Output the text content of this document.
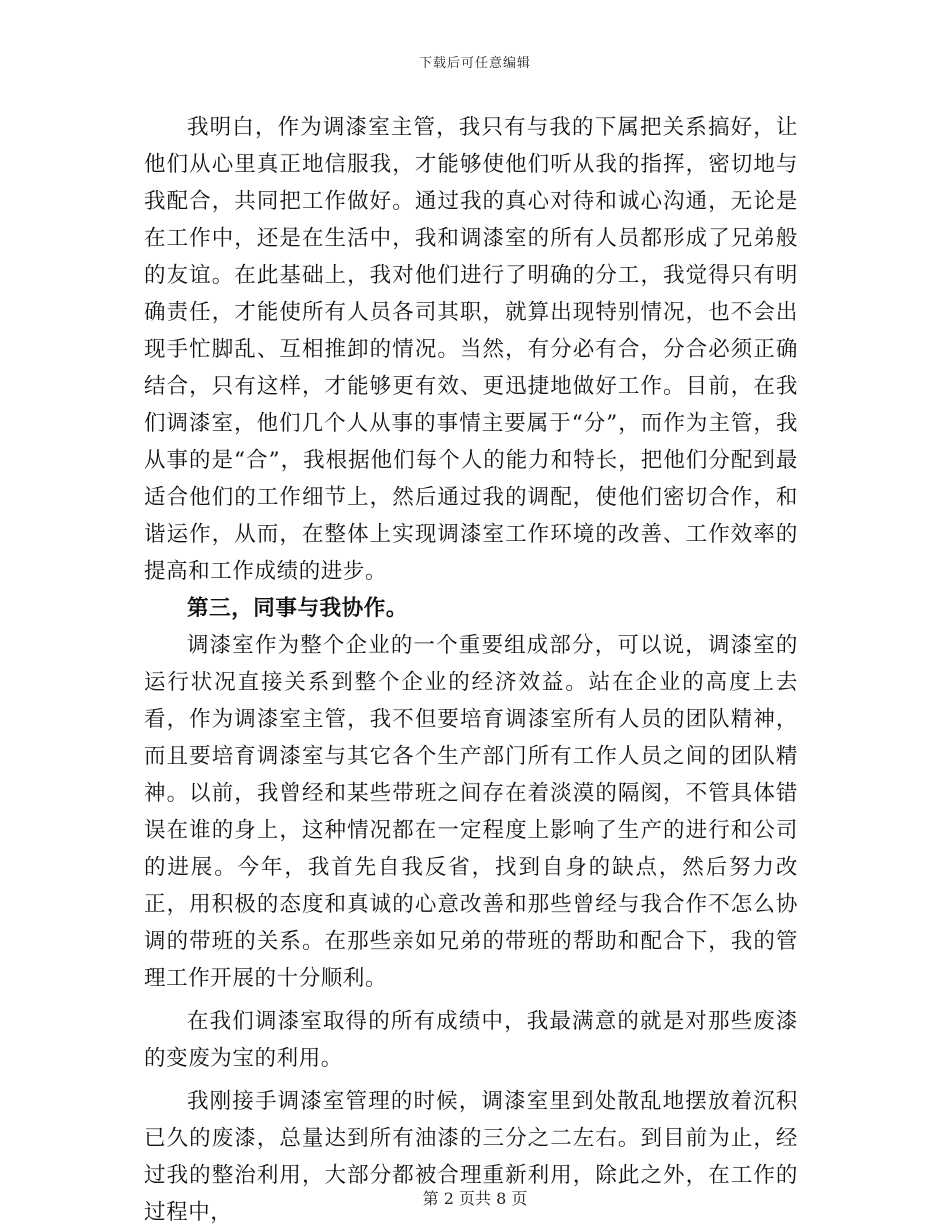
下载后可任意编辑

我明白，作为调漆室主管，我只有与我的下属把关系搞好，让他们从心里真正地信服我，才能够使他们听从我的指挥，密切地与我配合，共同把工作做好。通过我的真心对待和诚心沟通，无论是在工作中，还是在生活中，我和调漆室的所有人员都形成了兄弟般的友谊。在此基础上，我对他们进行了明确的分工，我觉得只有明确责任，才能使所有人员各司其职，就算出现特别情况，也不会出现手忙脚乱、互相推卸的情况。当然，有分必有合，分合必须正确结合，只有这样，才能够更有效、更迅捷地做好工作。目前，在我们调漆室，他们几个人从事的事情主要属于“分”，而作为主管，我从事的是“合”，我根据他们每个人的能力和特长，把他们分配到最适合他们的工作细节上，然后通过我的调配，使他们密切合作，和谐运作，从而，在整体上实现调漆室工作环境的改善、工作效率的提高和工作成绩的进步。

第三，同事与我协作。

调漆室作为整个企业的一个重要组成部分，可以说，调漆室的运行状况直接关系到整个企业的经济效益。站在企业的高度上去看，作为调漆室主管，我不但要培育调漆室所有人员的团队精神，而且要培育调漆室与其它各个生产部门所有工作人员之间的团队精神。以前，我曾经和某些带班之间存在着淡漠的隔阂，不管具体错误在谁的身上，这种情况都在一定程度上影响了生产的进行和公司的进展。今年，我首先自我反省，找到自身的缺点，然后努力改正，用积极的态度和真诚的心意改善和那些曾经与我合作不怎么协调的带班的关系。在那些亲如兄弟的带班的帮助和配合下，我的管理工作开展的十分顺利。

在我们调漆室取得的所有成绩中，我最满意的就是对那些废漆的变废为宝的利用。

我刚接手调漆室管理的时候，调漆室里到处散乱地摆放着沉积已久的废漆，总量达到所有油漆的三分之二左右。到目前为止，经过我的整治利用，大部分都被合理重新利用，除此之外，在工作的过程中，

第 2 页共 8 页
